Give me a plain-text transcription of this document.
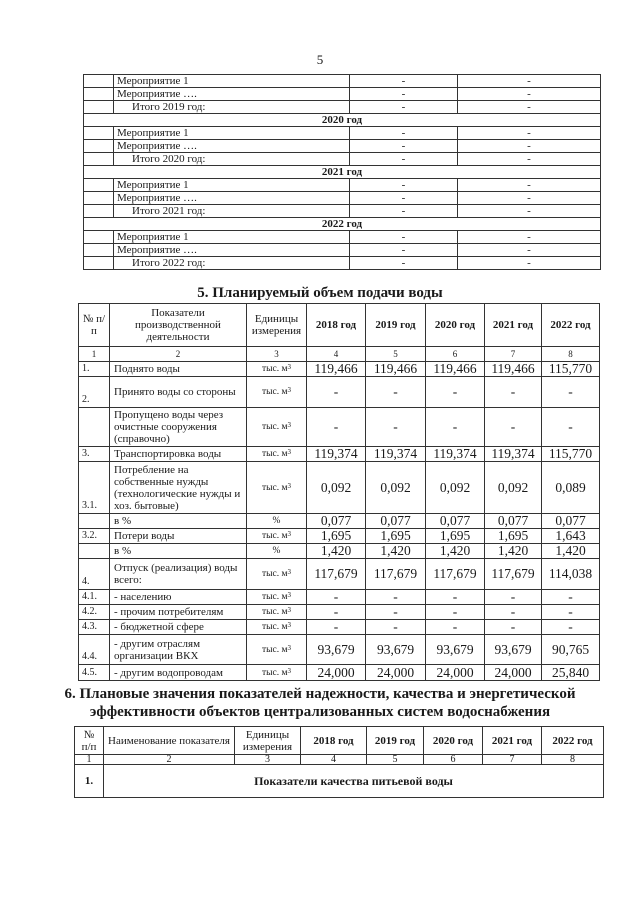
5
	Мероприятие 1	-	-
	Мероприятие ….	-	-
	Итого 2019 год:	-	-
2020 год			
	Мероприятие 1	-	-
	Мероприятие ….	-	-
	Итого 2020 год:	-	-
2021 год			
	Мероприятие 1	-	-
	Мероприятие ….	-	-
	Итого 2021 год:	-	-
2022 год			
	Мероприятие 1	-	-
	Мероприятие ….	-	-
	Итого 2022 год:	-	-
5. Планируемый объем подачи воды
№ п/п	Показатели производственной деятельности	Единицы измерения	2018 год	2019 год	2020 год	2021 год	2022 год
1	2	3	4	5	6	7	8
1.	Поднято воды	тыс. $м^3$	119,466	119,466	119,466	119,466	115,770
2.	Принято воды со стороны	тыс. $м^3$	-	-	-	-	-
	Пропущено воды через очистные сооружения (справочно)	тыс. $м^3$	-	-	-	-	-
3.	Транспортировка воды	тыс. $м^3$	119,374	119,374	119,374	119,374	115,770
3.1.	Потребление на собственные нужды (технологические нужды и хоз. бытовые)	тыс. $м^3$	0,092	0,092	0,092	0,092	0,089
	в %	%	0,077	0,077	0,077	0,077	0,077
3.2.	Потери воды	тыс. $м^3$	1,695	1,695	1,695	1,695	1,643
	в %	%	1,420	1,420	1,420	1,420	1,420
4.	Отпуск (реализация) воды всего:	тыс. $м^3$	117,679	117,679	117,679	117,679	114,038
4.1.	- населению	тыс. $м^3$	-	-	-	-	-
4.2.	- прочим потребителям	тыс. $м^3$	-	-	-	-	-
4.3.	- бюджетной сфере	тыс. $м^3$	-	-	-	-	-
4.4.	- другим отраслям организации ВКХ	тыс. $м^3$	93,679	93,679	93,679	93,679	90,765
4.5.	- другим водопроводам	тыс. $м^3$	24,000	24,000	24,000	24,000	25,840
6. Плановые значения показателей надежности, качества и энергетической
эффективности объектов централизованных систем водоснабжения
№ п/п	Наименование показателя	Единицы измерения	2018 год	2019 год	2020 год	2021 год	2022 год
1	2	3	4	5	6	7	8
1.	Показатели качества питьевой воды						
